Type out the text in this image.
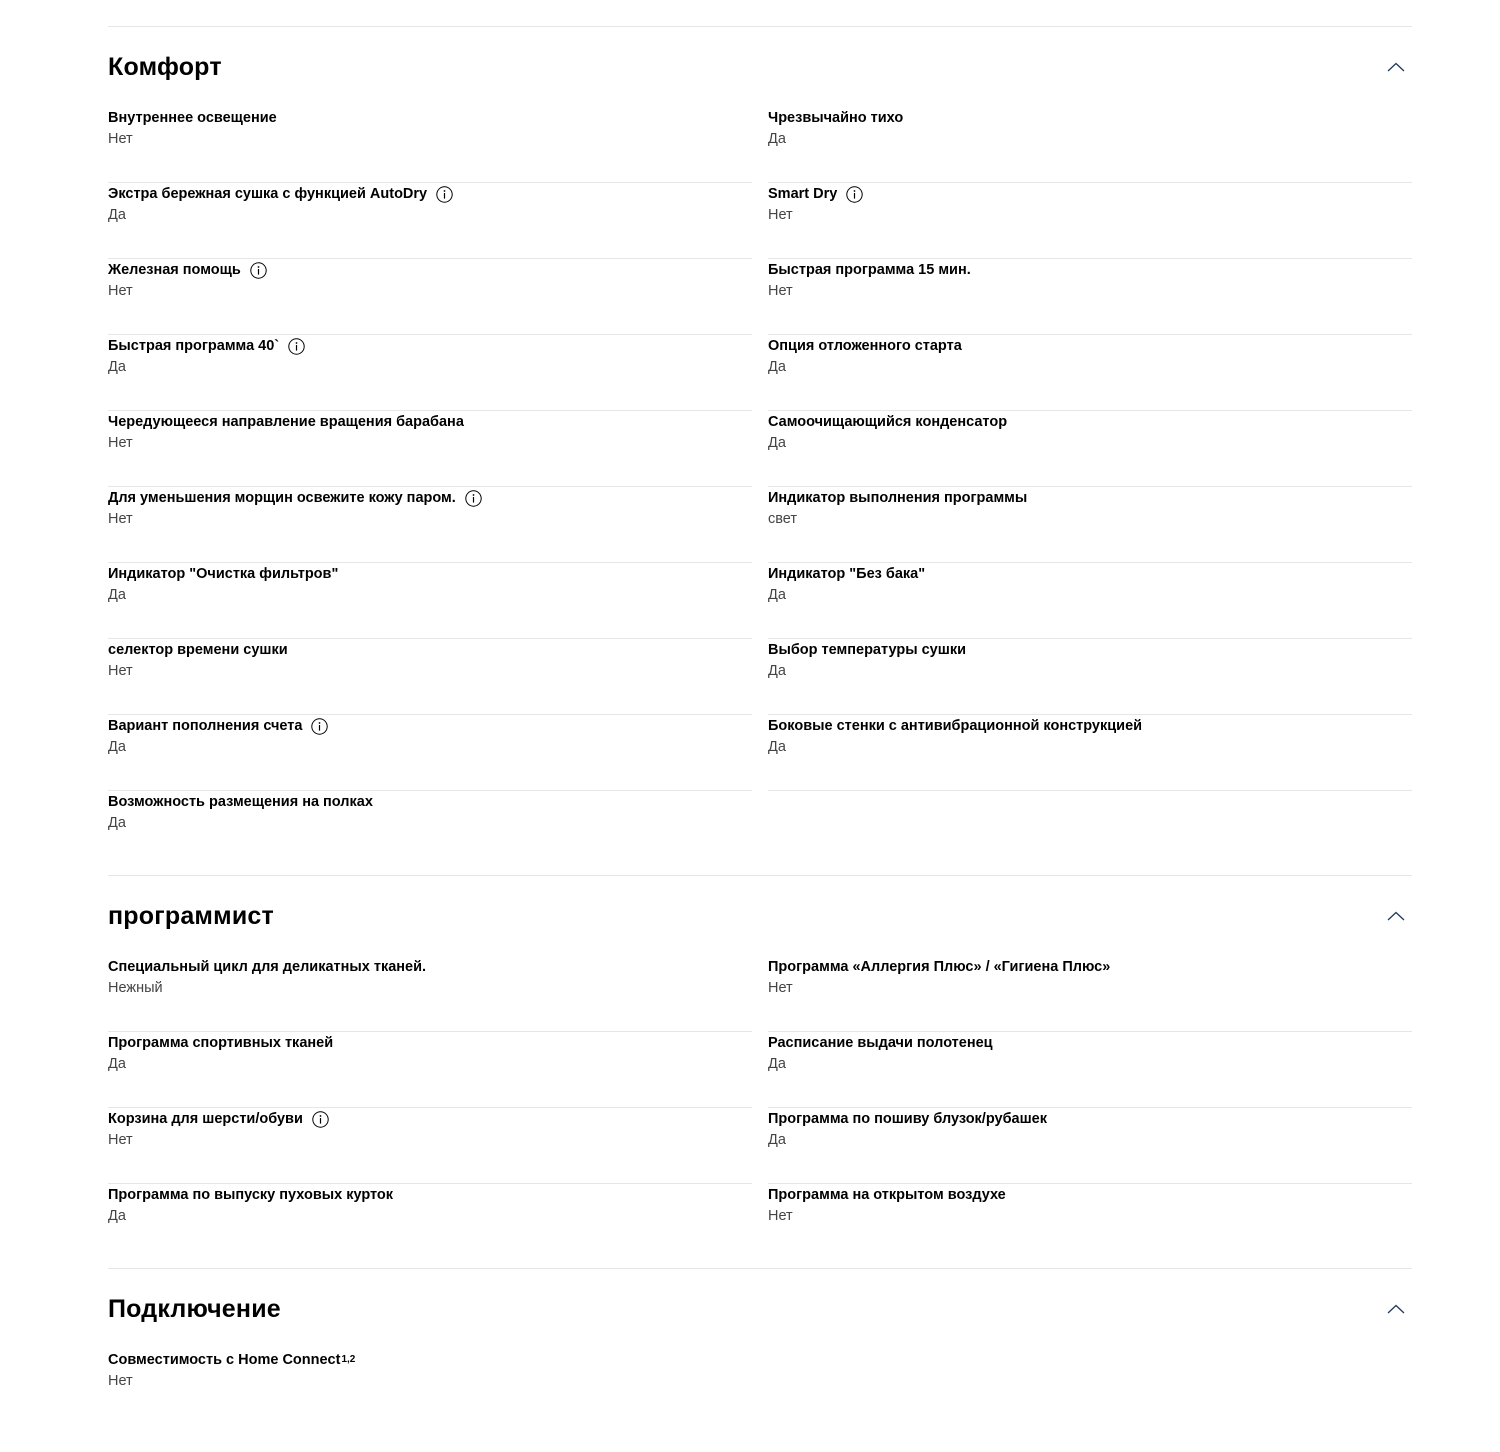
Комфорт
Внутреннее освещение
Нет
Чрезвычайно тихо
Да
Экстра бережная сушка с функцией AutoDry
Да
Smart Dry
Нет
Железная помощь
Нет
Быстрая программа 15 мин.
Нет
Быстрая программа 40`
Да
Опция отложенного старта
Да
Чередующееся направление вращения барабана
Нет
Самоочищающийся конденсатор
Да
Для уменьшения морщин освежите кожу паром.
Нет
Индикатор выполнения программы
свет
Индикатор "Очистка фильтров"
Да
Индикатор "Без бака"
Да
селектор времени сушки
Нет
Выбор температуры сушки
Да
Вариант пополнения счета
Да
Боковые стенки с антивибрационной конструкцией
Да
Возможность размещения на полках
Да
программист
Специальный цикл для деликатных тканей.
Нежный
Программа «Аллергия Плюс» / «Гигиена Плюс»
Нет
Программа спортивных тканей
Да
Расписание выдачи полотенец
Да
Корзина для шерсти/обуви
Нет
Программа по пошиву блузок/рубашек
Да
Программа по выпуску пуховых курток
Да
Программа на открытом воздухе
Нет
Подключение
Совместимость с Home Connect 1,2
Нет
